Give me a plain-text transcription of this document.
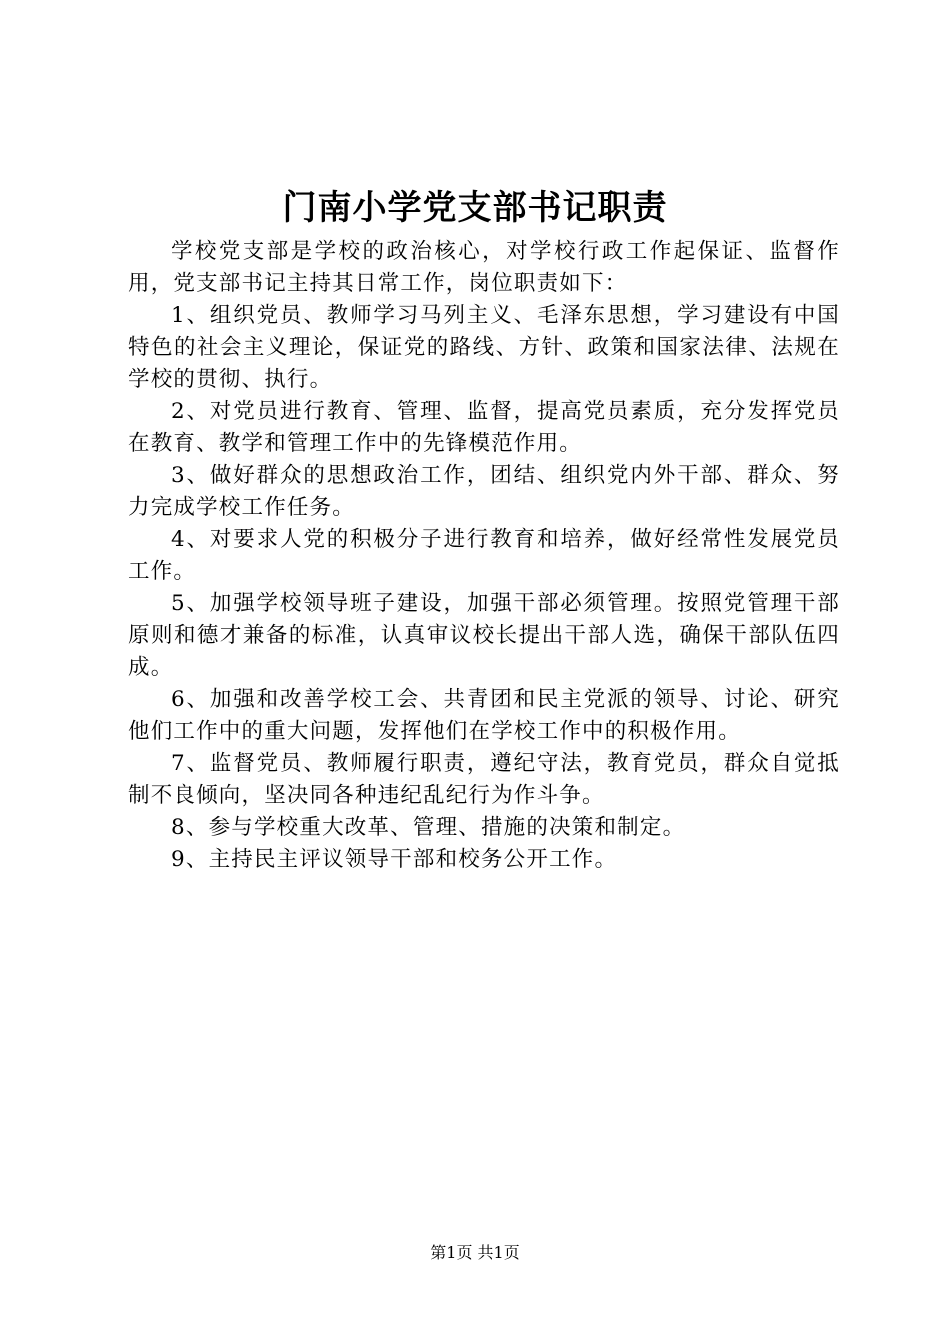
门南小学党支部书记职责

学校党支部是学校的政治核心，对学校行政工作起保证、监督作用，党支部书记主持其日常工作，岗位职责如下：

1、组织党员、教师学习马列主义、毛泽东思想，学习建设有中国特色的社会主义理论，保证党的路线、方针、政策和国家法律、法规在学校的贯彻、执行。

2、对党员进行教育、管理、监督，提高党员素质，充分发挥党员在教育、教学和管理工作中的先锋模范作用。

3、做好群众的思想政治工作，团结、组织党内外干部、群众、努力完成学校工作任务。

4、对要求人党的积极分子进行教育和培养，做好经常性发展党员工作。

5、加强学校领导班子建设，加强干部必须管理。按照党管理干部原则和德才兼备的标准，认真审议校长提出干部人选，确保干部队伍四成。

6、加强和改善学校工会、共青团和民主党派的领导、讨论、研究他们工作中的重大问题，发挥他们在学校工作中的积极作用。

7、监督党员、教师履行职责，遵纪守法，教育党员，群众自觉抵制不良倾向，坚决同各种违纪乱纪行为作斗争。

8、参与学校重大改革、管理、措施的决策和制定。

9、主持民主评议领导干部和校务公开工作。

第1页 共1页
